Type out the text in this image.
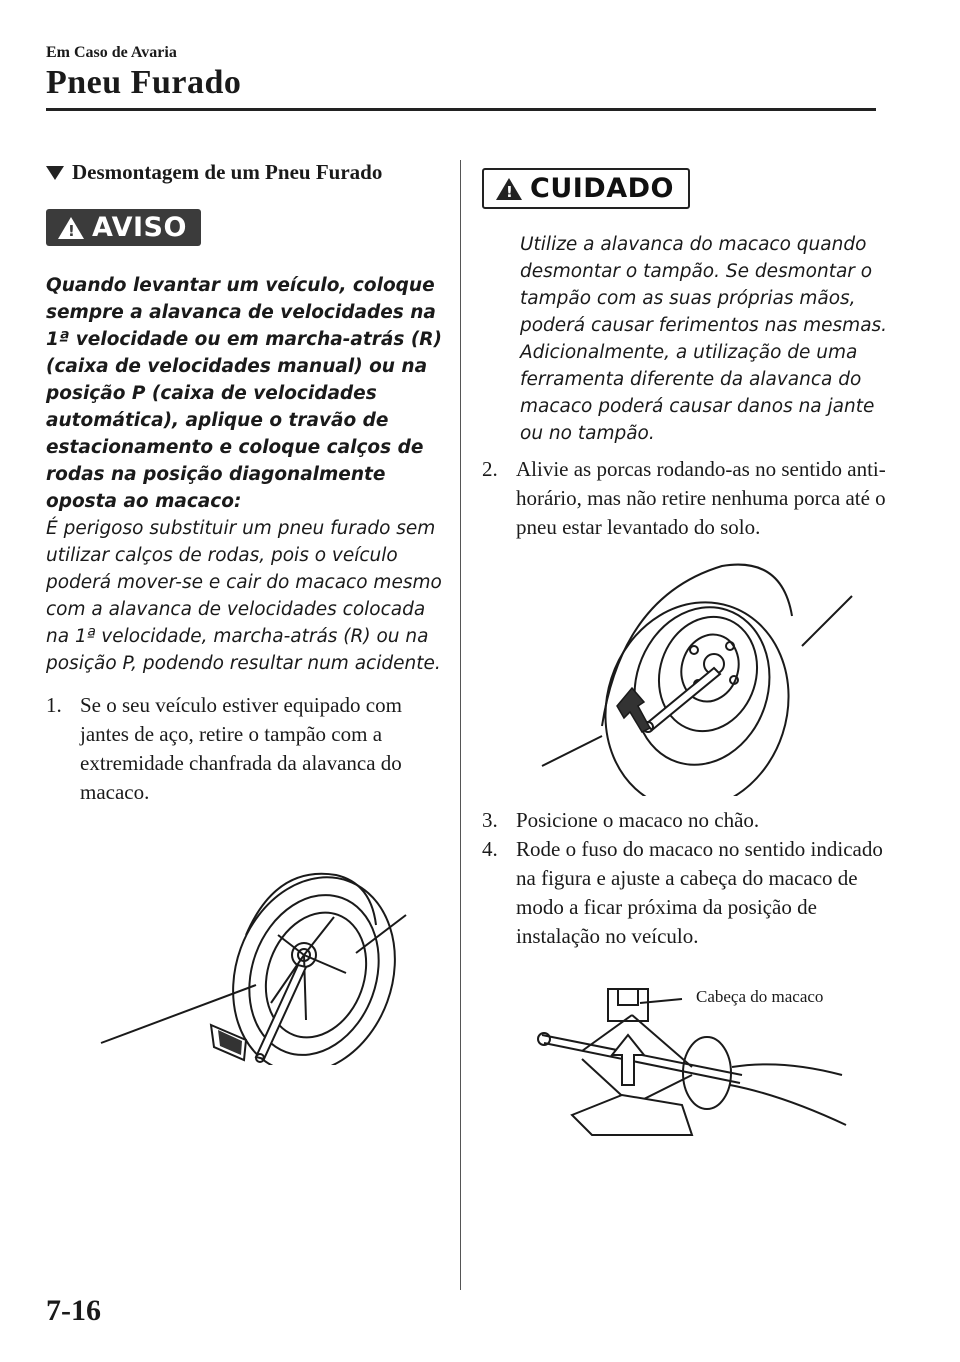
Em Caso de Avaria
Pneu Furado
Desmontagem de um Pneu Furado
! AVISO
Quando levantar um veículo, coloque sempre a alavanca de velocidades na 1ª velocidade ou em marcha-atrás (R) (caixa de velocidades manual) ou na posição P (caixa de velocidades automática), aplique o travão de estacionamento e coloque calços de rodas na posição diagonalmente oposta ao macaco:
É perigoso substituir um pneu furado sem utilizar calços de rodas, pois o veículo poderá mover-se e cair do macaco mesmo com a alavanca de velocidades colocada na 1ª velocidade, marcha-atrás (R) ou na posição P, podendo resultar num acidente.
1. Se o seu veículo estiver equipado com jantes de aço, retire o tampão com a extremidade chanfrada da alavanca do macaco.
! CUIDADO
Utilize a alavanca do macaco quando desmontar o tampão. Se desmontar o tampão com as suas próprias mãos, poderá causar ferimentos nas mesmas. Adicionalmente, a utilização de uma ferramenta diferente da alavanca do macaco poderá causar danos na jante ou no tampão.
2. Alivie as porcas rodando-as no sentido anti-horário, mas não retire nenhuma porca até o pneu estar levantado do solo.
3. Posicione o macaco no chão.
4. Rode o fuso do macaco no sentido indicado na figura e ajuste a cabeça do macaco de modo a ficar próxima da posição de instalação no veículo.
Cabeça do macaco
7-16
